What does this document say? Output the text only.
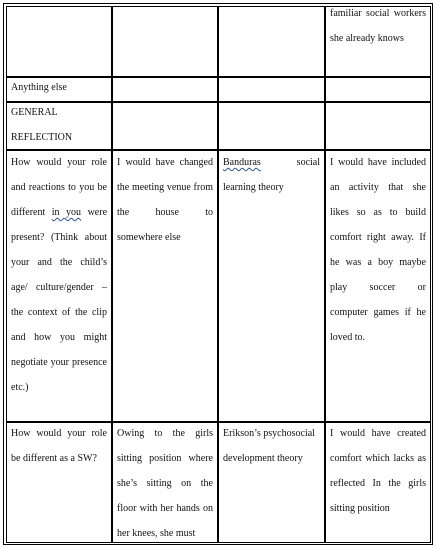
familiar social workers she already knows
Anything else
GENERAL
REFLECTION
How would your role and reactions to you be different in you were present? (Think about your and the child’s age/ culture/gender – the context of the clip and how you might negotiate your presence etc.)
I would have changed the meeting venue from the house to somewhere else
Banduras social learning theory
I would have included an activity that she likes so as to build comfort right away. If he was a boy maybe play soccer or computer games if he loved to.
How would your role be different as a SW?
Owing to the girls sitting position where she’s sitting on the floor with her hands on her knees, she must
Erikson’s psychosocial development theory
I would have created comfort which lacks as reflected In the girls sitting position
